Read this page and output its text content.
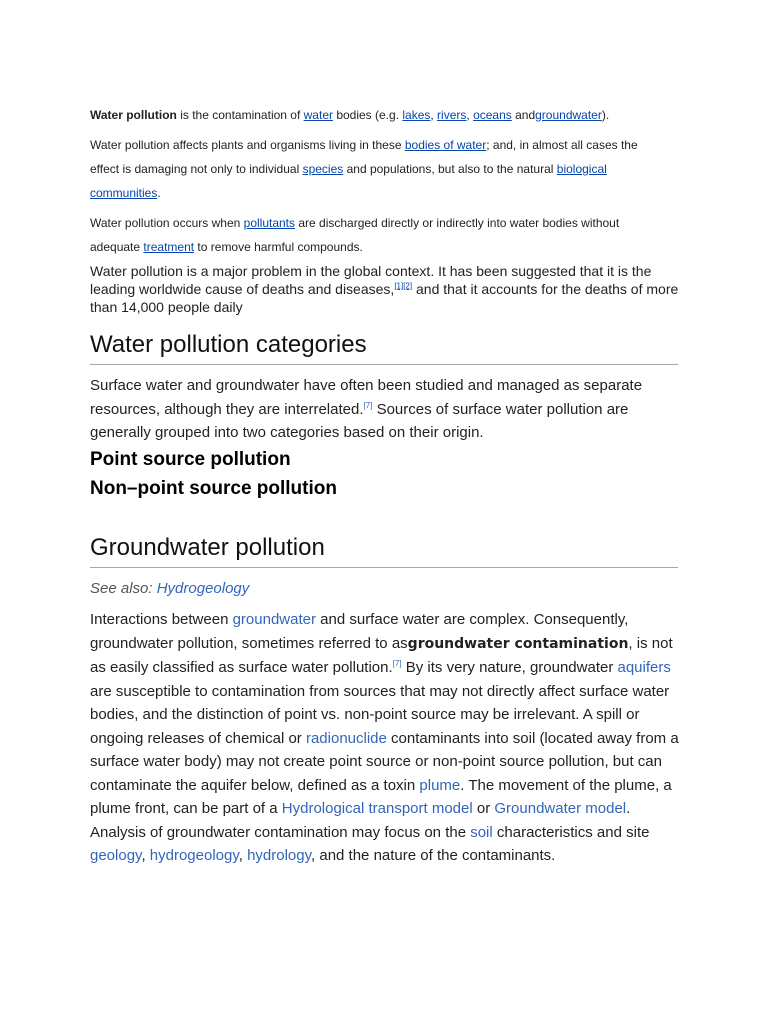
Water pollution is the contamination of water bodies (e.g. lakes, rivers, oceans andgroundwater).

Water pollution affects plants and organisms living in these bodies of water; and, in almost all cases the effect is damaging not only to individual species and populations, but also to the natural biological communities.

Water pollution occurs when pollutants are discharged directly or indirectly into water bodies without adequate treatment to remove harmful compounds.

Water pollution is a major problem in the global context. It has been suggested that it is the leading worldwide cause of deaths and diseases,[1][2] and that it accounts for the deaths of more than 14,000 people daily

Water pollution categories

Surface water and groundwater have often been studied and managed as separate resources, although they are interrelated.[7] Sources of surface water pollution are generally grouped into two categories based on their origin.

Point source pollution
Non–point source pollution
Groundwater pollution

See also: Hydrogeology

Interactions between groundwater and surface water are complex. Consequently, groundwater pollution, sometimes referred to asgroundwater contamination, is not as easily classified as surface water pollution.[7] By its very nature, groundwater aquifers are susceptible to contamination from sources that may not directly affect surface water bodies, and the distinction of point vs. non-point source may be irrelevant. A spill or ongoing releases of chemical or radionuclide contaminants into soil (located away from a surface water body) may not create point source or non-point source pollution, but can contaminate the aquifer below, defined as a toxin plume. The movement of the plume, a plume front, can be part of a Hydrological transport model or Groundwater model. Analysis of groundwater contamination may focus on the soil characteristics and site geology, hydrogeology, hydrology, and the nature of the contaminants.
